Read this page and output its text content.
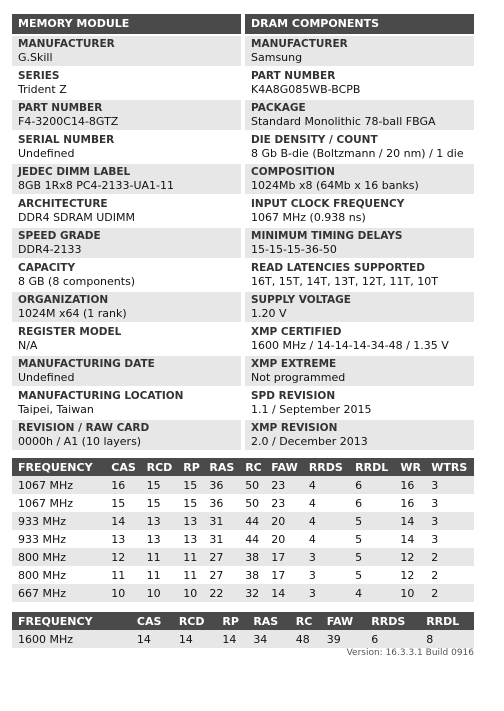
MEMORY MODULE
MANUFACTURER
G.Skill
SERIES
Trident Z
PART NUMBER
F4-3200C14-8GTZ
SERIAL NUMBER
Undefined
JEDEC DIMM LABEL
8GB 1Rx8 PC4-2133-UA1-11
ARCHITECTURE
DDR4 SDRAM UDIMM
SPEED GRADE
DDR4-2133
CAPACITY
8 GB (8 components)
ORGANIZATION
1024M x64 (1 rank)
REGISTER MODEL
N/A
MANUFACTURING DATE
Undefined
MANUFACTURING LOCATION
Taipei, Taiwan
REVISION / RAW CARD
0000h / A1 (10 layers)
DRAM COMPONENTS
MANUFACTURER
Samsung
PART NUMBER
K4A8G085WB-BCPB
PACKAGE
Standard Monolithic 78-ball FBGA
DIE DENSITY / COUNT
8 Gb B-die (Boltzmann / 20 nm) / 1 die
COMPOSITION
1024Mb x8 (64Mb x 16 banks)
INPUT CLOCK FREQUENCY
1067 MHz (0.938 ns)
MINIMUM TIMING DELAYS
15-15-15-36-50
READ LATENCIES SUPPORTED
16T, 15T, 14T, 13T, 12T, 11T, 10T
SUPPLY VOLTAGE
1.20 V
XMP CERTIFIED
1600 MHz / 14-14-14-34-48 / 1.35 V
XMP EXTREME
Not programmed
SPD REVISION
1.1 / September 2015
XMP REVISION
2.0 / December 2013
FREQUENCY	CAS	RCD	RP	RAS	RC	FAW	RRDS	RRDL	WR	WTRS
1067 MHz	16	15	15	36	50	23	4	6	16	3
1067 MHz	15	15	15	36	50	23	4	6	16	3
933 MHz	14	13	13	31	44	20	4	5	14	3
933 MHz	13	13	13	31	44	20	4	5	14	3
800 MHz	12	11	11	27	38	17	3	5	12	2
800 MHz	11	11	11	27	38	17	3	5	12	2
667 MHz	10	10	10	22	32	14	3	4	10	2
FREQUENCY		CAS	RCD	RP	RAS	RC	FAW	RRDS	RRDL
1600 MHz		14	14	14	34	48	39	6	8
Version: 16.3.3.1 Build 0916
